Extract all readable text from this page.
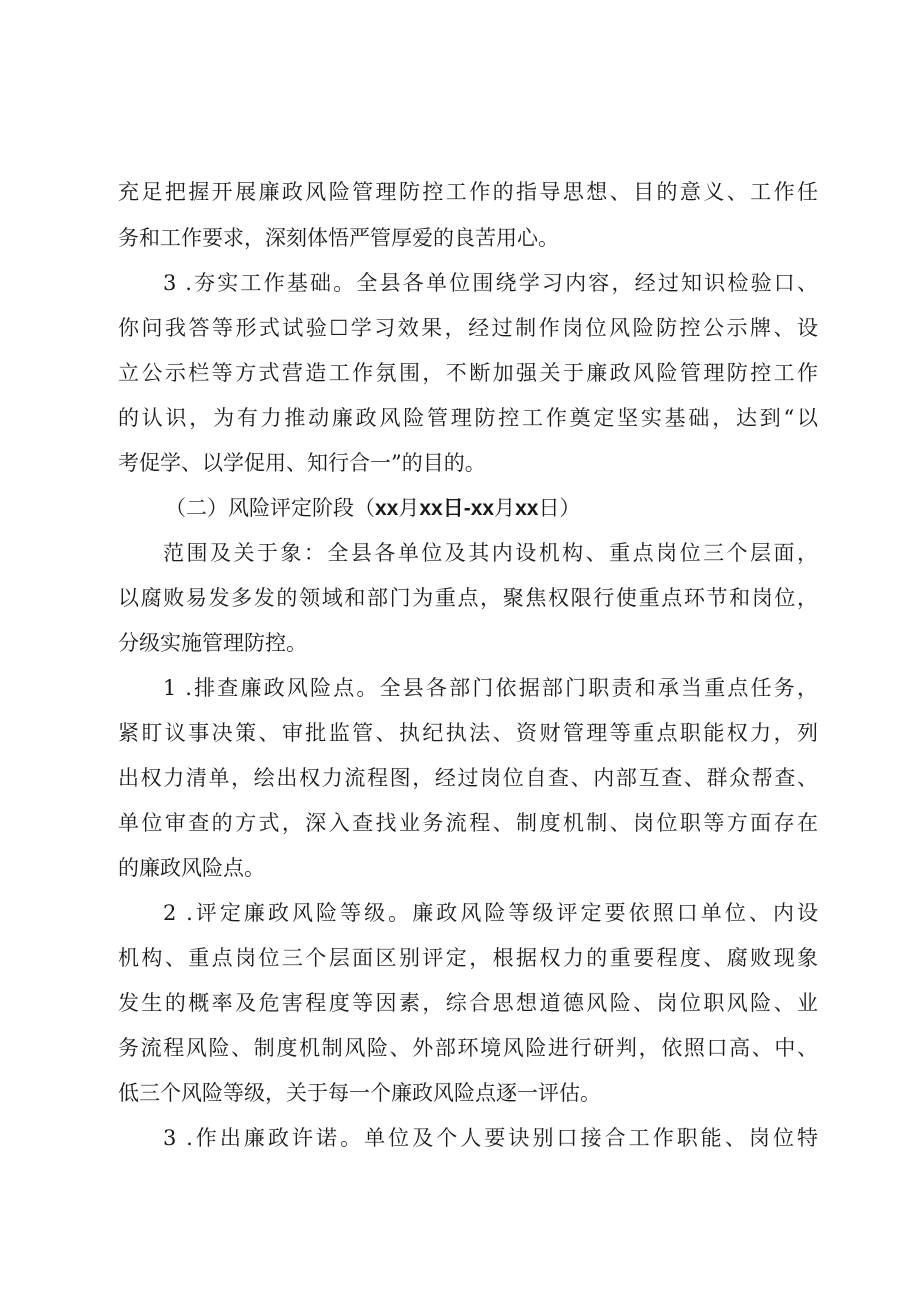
充足把握开展廉政风险管理防控工作的指导思想、目的意义、工作任

务和工作要求，深刻体悟严管厚爱的良苦用心。

3 .夯实工作基础。全县各单位围绕学习内容，经过知识检验口、

你问我答等形式试验☐学习效果，经过制作岗位风险防控公示牌、设

立公示栏等方式营造工作氛围，不断加强关于廉政风险管理防控工作

的认识，为有力推动廉政风险管理防控工作奠定坚实基础，达到“以

考促学、以学促用、知行合一”的目的。

（二）风险评定阶段（xx月xx日-xx月xx日）

范围及关于象：全县各单位及其内设机构、重点岗位三个层面，

以腐败易发多发的领域和部门为重点，聚焦权限行使重点环节和岗位，

分级实施管理防控。

1 .排查廉政风险点。全县各部门依据部门职责和承当重点任务，

紧盯议事决策、审批监管、执纪执法、资财管理等重点职能权力，列

出权力清单，绘出权力流程图，经过岗位自查、内部互查、群众帮查、

单位审查的方式，深入查找业务流程、制度机制、岗位职等方面存在

的廉政风险点。

2 .评定廉政风险等级。廉政风险等级评定要依照口单位、内设

机构、重点岗位三个层面区别评定，根据权力的重要程度、腐败现象

发生的概率及危害程度等因素，综合思想道德风险、岗位职风险、业

务流程风险、制度机制风险、外部环境风险进行研判，依照口高、中、

低三个风险等级，关于每一个廉政风险点逐一评估。

3 .作出廉政许诺。单位及个人要诀别口接合工作职能、岗位特
